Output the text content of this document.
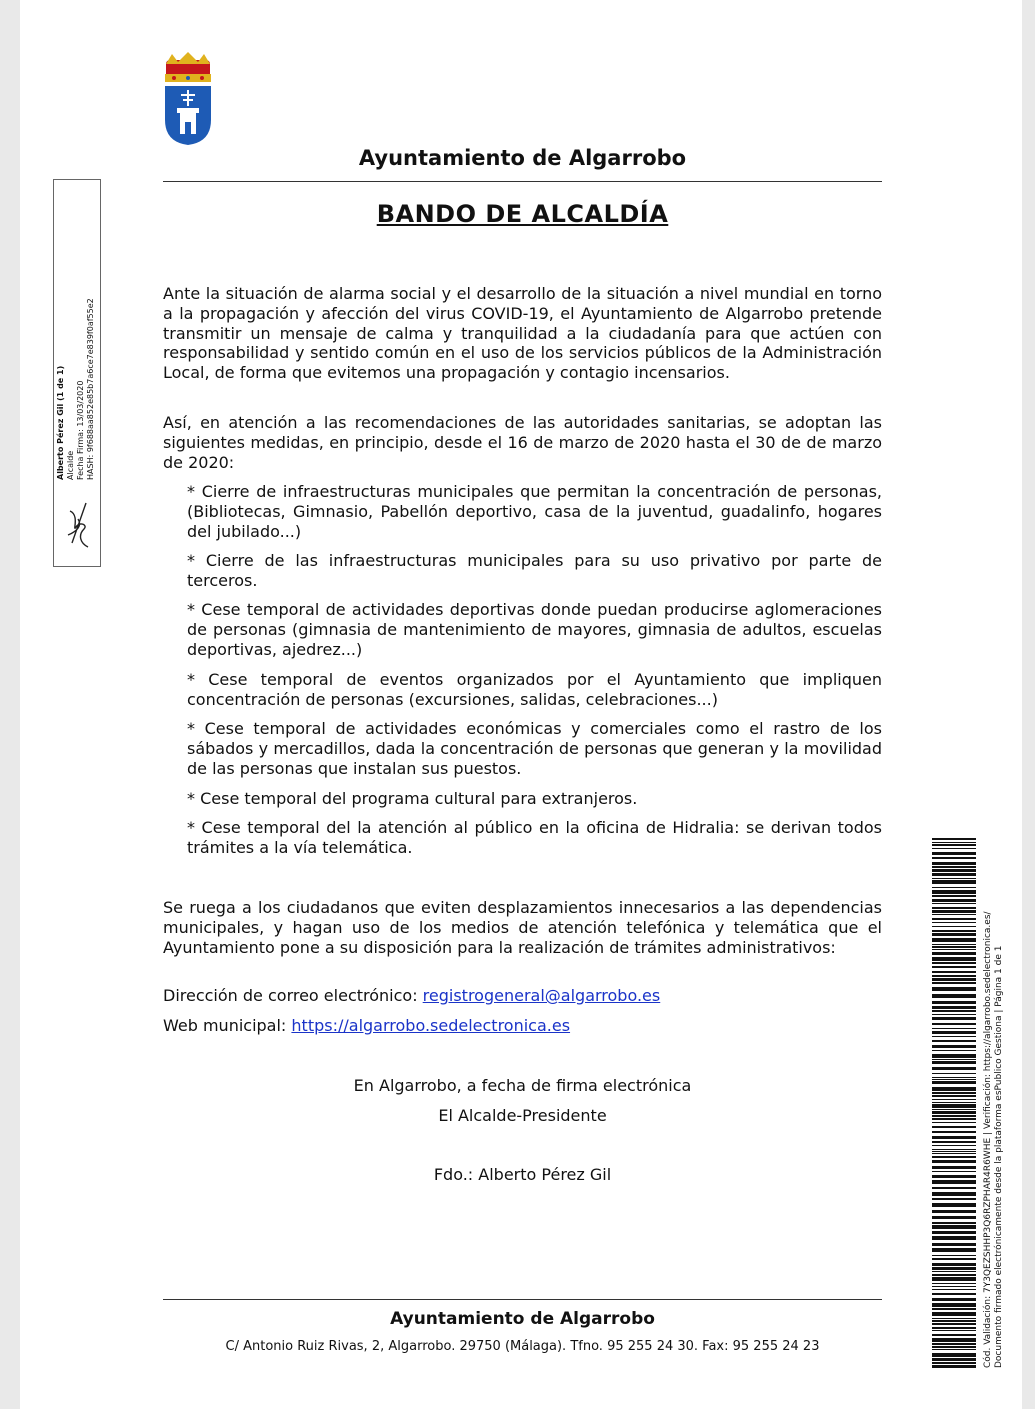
Ayuntamiento de Algarrobo
BANDO DE ALCALDÍA
Alberto Pérez Gil (1 de 1) Alcalde Fecha Firma: 13/03/2020 HASH: 9f688aa852e85b7a6ce7e839f0af55e2
Ante la situación de alarma social y el desarrollo de la situación a nivel mundial en torno a la propagación y afección del virus COVID-19, el Ayuntamiento de Algarrobo pretende transmitir un mensaje de calma y tranquilidad a la ciudadanía para que actúen con responsabilidad y sentido común en el uso de los servicios públicos de la Administración Local, de forma que evitemos una propagación y contagio incensarios.
Así, en atención a las recomendaciones de las autoridades sanitarias, se adoptan las siguientes medidas, en principio, desde el 16 de marzo de 2020 hasta el 30 de de marzo de 2020:
* Cierre de infraestructuras municipales que permitan la concentración de personas, (Bibliotecas, Gimnasio, Pabellón deportivo, casa de la juventud, guadalinfo, hogares del jubilado...)
* Cierre de las infraestructuras municipales para su uso privativo por parte de terceros.
* Cese temporal de actividades deportivas donde puedan producirse aglomeraciones de personas (gimnasia de mantenimiento de mayores, gimnasia de adultos, escuelas deportivas, ajedrez...)
* Cese temporal de eventos organizados por el Ayuntamiento que impliquen concentración de personas (excursiones, salidas, celebraciones...)
* Cese temporal de actividades económicas y comerciales como el rastro de los sábados y mercadillos, dada la concentración de personas que generan y la movilidad de las personas que instalan sus puestos.
* Cese temporal del programa cultural para extranjeros.
* Cese temporal del la atención al público en la oficina de Hidralia: se derivan todos trámites a la vía telemática.
Se ruega a los ciudadanos que eviten desplazamientos innecesarios a las dependencias municipales, y hagan uso de los medios de atención telefónica y telemática que el Ayuntamiento pone a su disposición para la realización de trámites administrativos:
Dirección de correo electrónico: registrogeneral@algarrobo.es
Web municipal: https://algarrobo.sedelectronica.es
En Algarrobo, a fecha de firma electrónica
El Alcalde-Presidente
Fdo.: Alberto Pérez Gil
Ayuntamiento de Algarrobo
C/ Antonio Ruiz Rivas, 2, Algarrobo. 29750 (Málaga). Tfno. 95 255 24 30. Fax: 95 255 24 23	Cód. Validación: 7Y3QEZSHHP3Q6RZPHAR4R6WHE | Verificación: https://algarrobo.sedelectronica.es/ Documento firmado electrónicamente desde la plataforma esPublico Gestiona | Página 1 de 1
